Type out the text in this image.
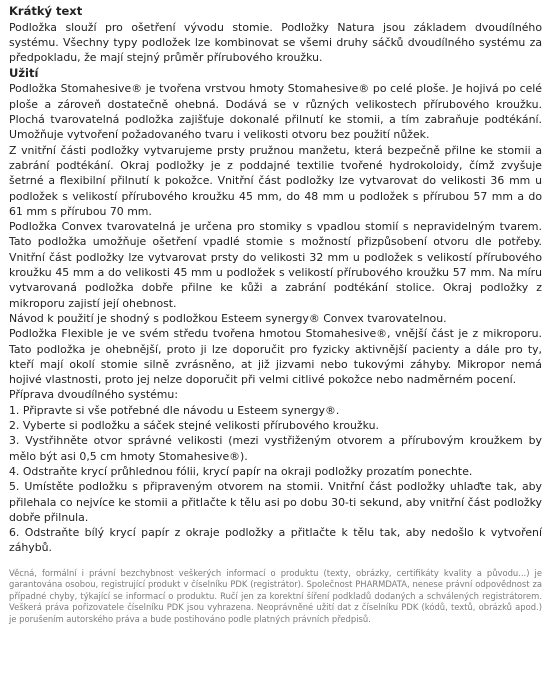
Krátký text

Podložka slouží pro ošetření vývodu stomie. Podložky Natura jsou základem dvoudílného systému. Všechny typy podložek lze kombinovat se všemi druhy sáčků dvoudílného systému za předpokladu, že mají stejný průměr přírubového kroužku.

Užití

Podložka Stomahesive® je tvořena vrstvou hmoty Stomahesive® po celé ploše. Je hojivá po celé ploše a zároveň dostatečně ohebná. Dodává se v různých velikostech přírubového kroužku. Plochá tvarovatelná podložka zajišťuje dokonalé přilnutí ke stomii, a tím zabraňuje podtékání. Umožňuje vytvoření požadovaného tvaru i velikosti otvoru bez použití nůžek.

Z vnitřní části podložky vytvarujeme prsty pružnou manžetu, která bezpečně přilne ke stomii a zabrání podtékání. Okraj podložky je z poddajné textilie tvořené hydrokoloidy, čímž zvyšuje šetrné a flexibilní přilnutí k pokožce. Vnitřní část podložky lze vytvarovat do velikosti 36 mm u podložek s velikostí přírubového kroužku 45 mm, do 48 mm u podložek s přírubou 57 mm a do 61 mm s přírubou 70 mm.

Podložka Convex tvarovatelná je určena pro stomiky s vpadlou stomií s nepravidelným tvarem. Tato podložka umožňuje ošetření vpadlé stomie s možností přizpůsobení otvoru dle potřeby. Vnitřní část podložky lze vytvarovat prsty do velikosti 32 mm u podložek s velikostí přírubového kroužku 45 mm a do velikosti 45 mm u podložek s velikostí přírubového kroužku 57 mm. Na míru vytvarovaná podložka dobře přilne ke kůži a zabrání podtékání stolice. Okraj podložky z mikroporu zajistí její ohebnost.

Návod k použití je shodný s podložkou Esteem synergy® Convex tvarovatelnou.

Podložka Flexible je ve svém středu tvořena hmotou Stomahesive®, vnější část je z mikroporu. Tato podložka je ohebnější, proto ji lze doporučit pro fyzicky aktivnější pacienty a dále pro ty, kteří mají okolí stomie silně zvrásněno, at již jizvami nebo tukovými záhyby. Mikropor nemá hojivé vlastnosti, proto jej nelze doporučit při velmi citlivé pokožce nebo nadměrném pocení.

Příprava dvoudílného systému:

1. Připravte si vše potřebné dle návodu u Esteem synergy®.

2. Vyberte si podložku a sáček stejné velikosti přírubového kroužku.

3. Vystřihněte otvor správné velikosti (mezi vystřiženým otvorem a přírubovým kroužkem by mělo být asi 0,5 cm hmoty Stomahesive®).

4. Odstraňte krycí průhlednou fólii, krycí papír na okraji podložky prozatím ponechte.

5. Umístěte podložku s připraveným otvorem na stomii. Vnitřní část podložky uhlaďte tak, aby přilehala co nejvíce ke stomii a přitlačte k tělu asi po dobu 30-ti sekund, aby vnitřní část podložky dobře přilnula.

6. Odstraňte bílý krycí papír z okraje podložky a přitlačte k tělu tak, aby nedošlo k vytvoření záhybů.

Věcná, formální i právní bezchybnost veškerých informací o produktu (texty, obrázky, certifikáty kvality a původu...) je garantována osobou, registrující produkt v číselníku PDK (registrátor). Společnost PHARMDATA, nenese právní odpovědnost za případné chyby, týkající se informací o produktu. Ručí jen za korektní šíření podkladů dodaných a schválených registrátorem. Veškerá práva pořizovatele číselníku PDK jsou vyhrazena. Neoprávněné užití dat z číselníku PDK (kódů, textů, obrázků apod.) je porušením autorského práva a bude postihováno podle platných právních předpisů.
